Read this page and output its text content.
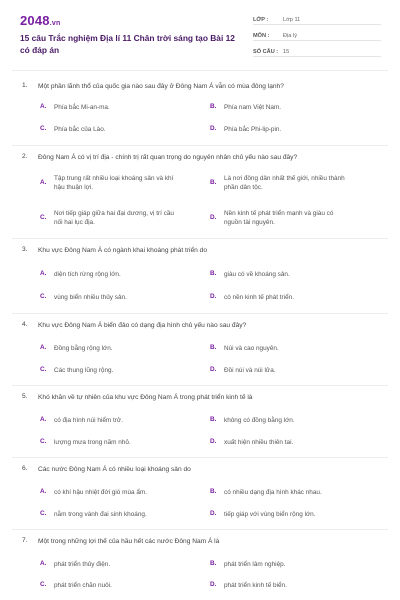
2048.vn
15 câu Trắc nghiệm Địa lí 11 Chân trời sáng tạo Bài 12 có đáp án
LỚP :	Lớp 11
MÔN : Địa lý
SỐ CÂU : 15
1. Một phần lãnh thổ của quốc gia nào sau đây ở Đông Nam Á vẫn có mùa đông lạnh?
A. Phía bắc Mi-an-ma.	B. Phía nam Việt Nam.
C. Phía bắc của Lào.	D. Phía bắc Phi-lip-pin.
2. Đông Nam Á có vị trí địa - chính trị rất quan trọng do nguyên nhân chủ yếu nào sau đây?
A.
Tập trung rất nhiều loại khoáng sản và khí
hậu thuận lợi.
B.
Là nơi đông dân nhất thế giới, nhiều thành
phần dân tộc.
C.
Nơi tiếp giáp giữa hai đại dương, vị trí cầu
nối hai lục địa.
D.
Nền kinh tế phát triển mạnh và giàu có
nguồn tài nguyên.
3. Khu vực Đông Nam Á có ngành khai khoáng phát triển do
A. diện tích rừng rộng lớn.	B. giàu có về khoáng sản.
C. vùng biển nhiều thủy sản.	D. có nền kinh tế phát triển.
4. Khu vực Đông Nam Á biển đảo có dạng địa hình chủ yếu nào sau đây?
A. Đồng bằng rộng lớn.	B. Núi và cao nguyên.
C. Các thung lũng rộng.	D. Đồi núi và núi lửa.
5. Khó khăn về tự nhiên của khu vực Đông Nam Á trong phát triển kinh tế là
A. có địa hình núi hiểm trở.	B. không có đồng bằng lớn.
C. lượng mưa trong năm nhỏ.	D. xuất hiện nhiều thiên tai.
6. Các nước Đông Nam Á có nhiều loại khoáng sản do
A. có khí hậu nhiệt đới gió mùa ẩm.	B. có nhiều dạng địa hình khác nhau.
C. nằm trong vành đai sinh khoáng.	D. tiếp giáp với vùng biển rộng lớn.
7. Một trong những lợi thế của hầu hết các nước Đông Nam Á là
A. phát triển thủy điện.	B. phát triển lâm nghiệp.
C. phát triển chăn nuôi.	D. phát triển kinh tế biển.
